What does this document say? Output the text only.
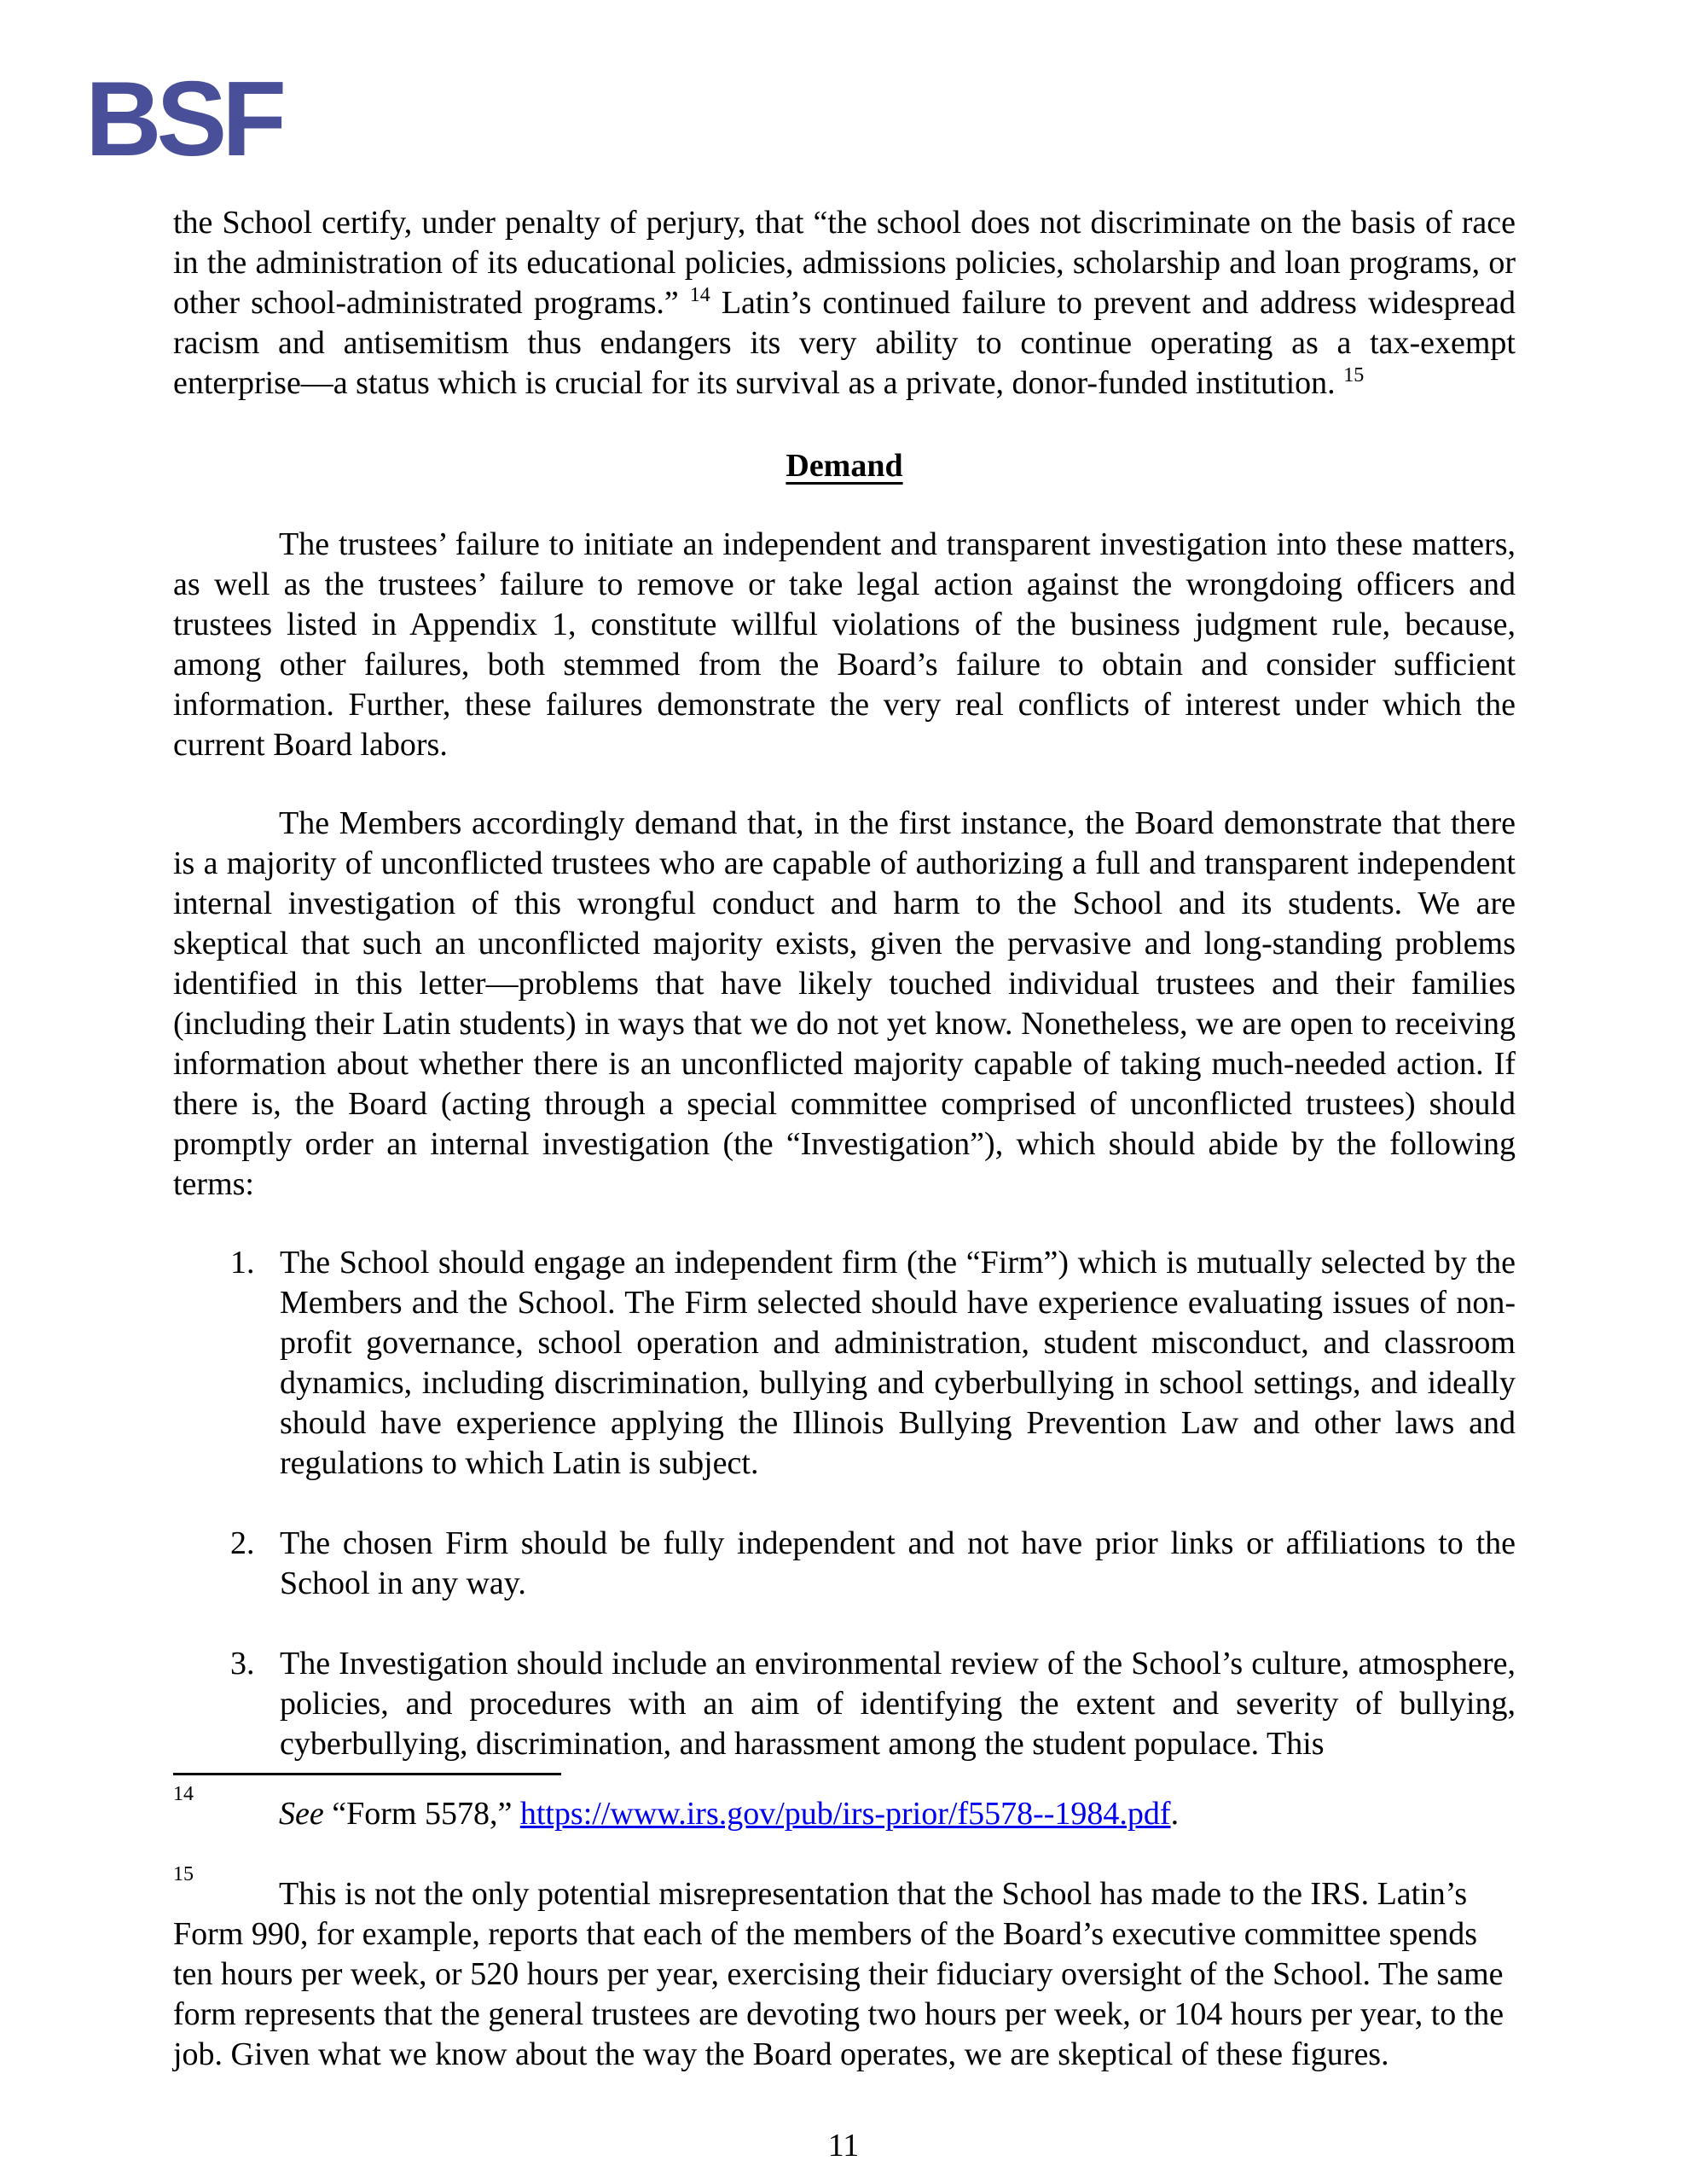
BSF

the School certify, under penalty of perjury, that “the school does not discriminate on the basis of race in the administration of its educational policies, admissions policies, scholarship and loan programs, or other school-administrated programs.” $^{14}$ Latin’s continued failure to prevent and address widespread racism and antisemitism thus endangers its very ability to continue operating as a tax-exempt enterprise—a status which is crucial for its survival as a private, donor-funded institution. $^{15}$

Demand

The trustees’ failure to initiate an independent and transparent investigation into these matters, as well as the trustees’ failure to remove or take legal action against the wrongdoing officers and trustees listed in Appendix 1, constitute willful violations of the business judgment rule, because, among other failures, both stemmed from the Board’s failure to obtain and consider sufficient information. Further, these failures demonstrate the very real conflicts of interest under which the current Board labors.

The Members accordingly demand that, in the first instance, the Board demonstrate that there is a majority of unconflicted trustees who are capable of authorizing a full and transparent independent internal investigation of this wrongful conduct and harm to the School and its students. We are skeptical that such an unconflicted majority exists, given the pervasive and long-standing problems identified in this letter—problems that have likely touched individual trustees and their families (including their Latin students) in ways that we do not yet know. Nonetheless, we are open to receiving information about whether there is an unconflicted majority capable of taking much-needed action. If there is, the Board (acting through a special committee comprised of unconflicted trustees) should promptly order an internal investigation (the “Investigation”), which should abide by the following terms:

1. The School should engage an independent firm (the “Firm”) which is mutually selected by the Members and the School. The Firm selected should have experience evaluating issues of non-profit governance, school operation and administration, student misconduct, and classroom dynamics, including discrimination, bullying and cyberbullying in school settings, and ideally should have experience applying the Illinois Bullying Prevention Law and other laws and regulations to which Latin is subject.
2. The chosen Firm should be fully independent and not have prior links or affiliations to the School in any way.
3. The Investigation should include an environmental review of the School’s culture, atmosphere, policies, and procedures with an aim of identifying the extent and severity of bullying, cyberbullying, discrimination, and harassment among the student populace. This
$^{14}$See “Form 5578,” https://www.irs.gov/pub/irs-prior/f5578--1984.pdf.
$^{15}$This is not the only potential misrepresentation that the School has made to the IRS. Latin’s Form 990, for example, reports that each of the members of the Board’s executive committee spends ten hours per week, or 520 hours per year, exercising their fiduciary oversight of the School. The same form represents that the general trustees are devoting two hours per week, or 104 hours per year, to the job. Given what we know about the way the Board operates, we are skeptical of these figures.
11
